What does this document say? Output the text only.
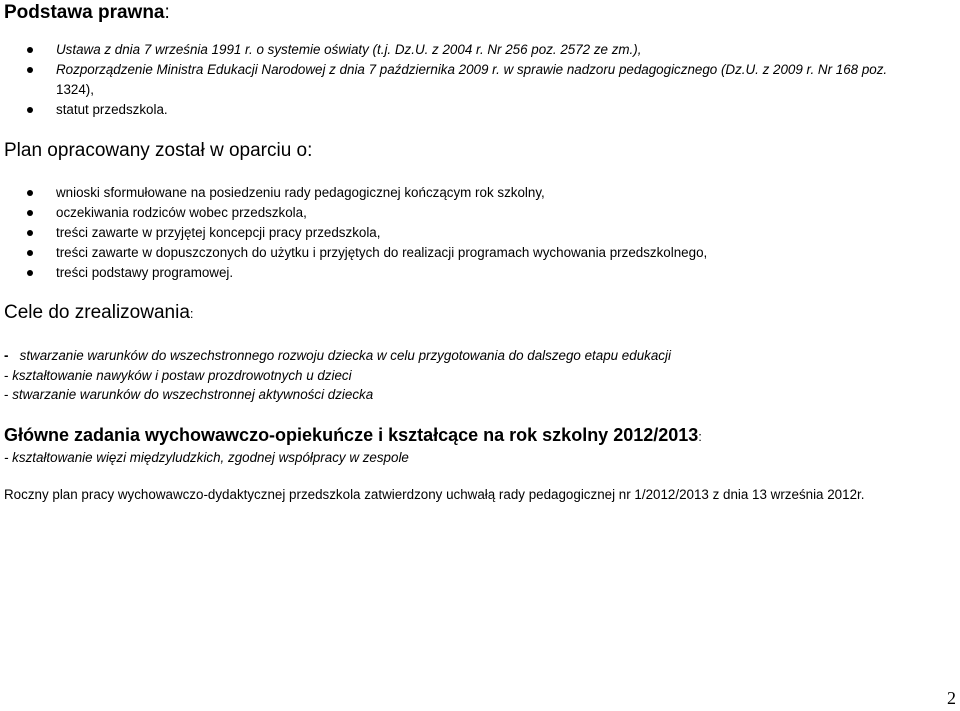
Podstawa prawna:
Ustawa z dnia 7 września 1991 r. o systemie oświaty (t.j. Dz.U. z 2004 r. Nr 256 poz. 2572 ze zm.),
Rozporządzenie Ministra Edukacji Narodowej z dnia 7 października 2009 r. w sprawie nadzoru pedagogicznego (Dz.U. z 2009 r. Nr 168 poz.
1324),
statut przedszkola.
Plan opracowany został w oparciu o:
wnioski sformułowane na posiedzeniu rady pedagogicznej kończącym rok szkolny,
oczekiwania rodziców wobec przedszkola,
treści zawarte w przyjętej koncepcji pracy przedszkola,
treści zawarte w dopuszczonych do użytku i przyjętych do realizacji programach wychowania przedszkolnego,
treści podstawy programowej.
Cele do zrealizowania:
- stwarzanie warunków do wszechstronnego rozwoju dziecka w celu przygotowania do dalszego etapu edukacji
- kształtowanie nawyków i postaw prozdrowotnych u dzieci
- stwarzanie warunków do wszechstronnej aktywności dziecka
Główne zadania wychowawczo-opiekuńcze i kształcące na rok szkolny 2012/2013:
- kształtowanie więzi międzyludzkich, zgodnej współpracy w zespole
Roczny plan pracy wychowawczo-dydaktycznej przedszkola zatwierdzony uchwałą rady pedagogicznej nr 1/2012/2013 z dnia 13 września 2012r.
2
